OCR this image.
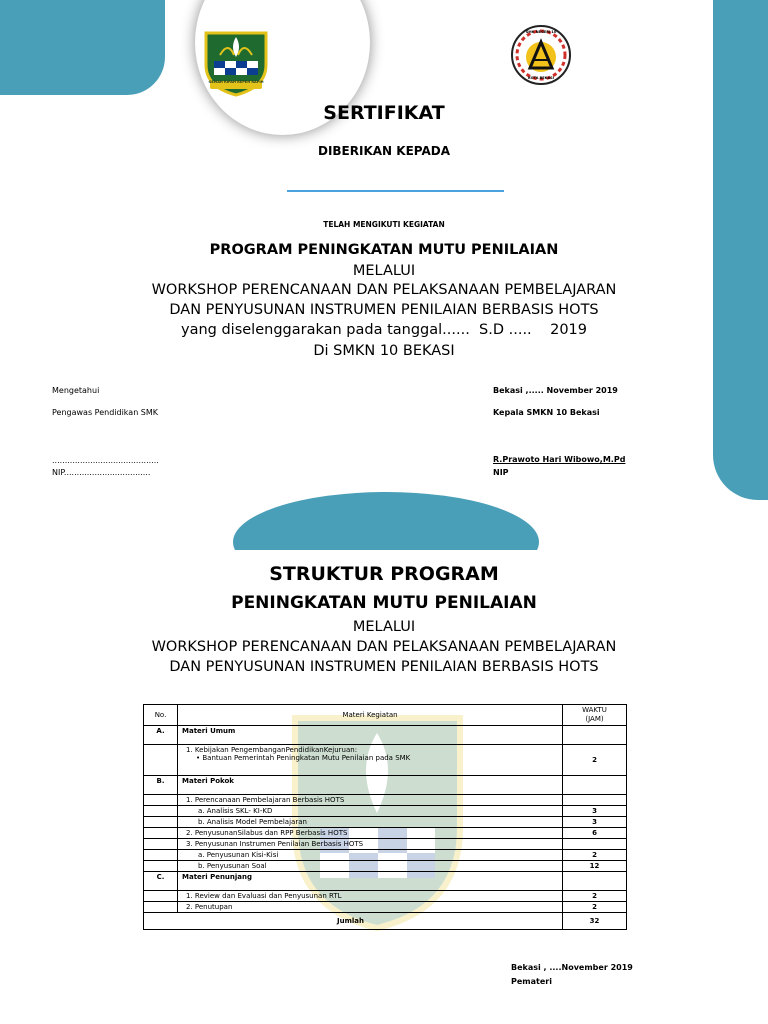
GEMAH RIPAH REPEH RAPIH
SMK NEGERI 10
KOTA BEKASI
SERTIFIKAT
DIBERIKAN KEPADA
TELAH MENGIKUTI KEGIATAN
PROGRAM PENINGKATAN MUTU PENILAIAN
MELALUI
WORKSHOP PERENCANAAN DAN PELAKSANAAN PEMBELAJARAN
DAN PENYUSUNAN INSTRUMEN PENILAIAN BERBASIS HOTS
yang diselenggarakan pada tanggal......  S.D .....    2019
Di SMKN 10 BEKASI
Mengetahui
Pengawas Pendidikan SMK
..........................................
NIP..................................
Bekasi ,..... November 2019
Kepala SMKN 10 Bekasi
R.Prawoto Hari Wibowo,M.Pd
NIP
STRUKTUR PROGRAM
PENINGKATAN MUTU PENILAIAN
MELALUI
WORKSHOP PERENCANAAN DAN PELAKSANAAN PEMBELAJARAN
DAN PENYUSUNAN INSTRUMEN PENILAIAN BERBASIS HOTS
No.	Materi Kegiatan	WAKTU
(JAM)
A.	Materi Umum	

	1. Kebijakan PengembanganPendidikanKejuruan:
• Bantuan Pemerintah Peningkatan Mutu Penilaian pada SMK	2
B.	Materi Pokok	
	1. Perencanaan Pembelajaran Berbasis HOTS	
	a. Analisis SKL- KI-KD	3
	b. Analisis Model Pembelajaran	3
	2. PenyusunanSilabus dan RPP Berbasis HOTS	6
	3. Penyusunan Instrumen Penilaian Berbasis HOTS	
	a. Penyusunan Kisi-Kisi	2
	b. Penyusunan Soal	12
C.	Materi Penunjang	
	1. Review dan Evaluasi dan Penyusunan RTL	2
	2. Penutupan	2
Jumlah		32
Bekasi , ....November 2019
Pemateri
